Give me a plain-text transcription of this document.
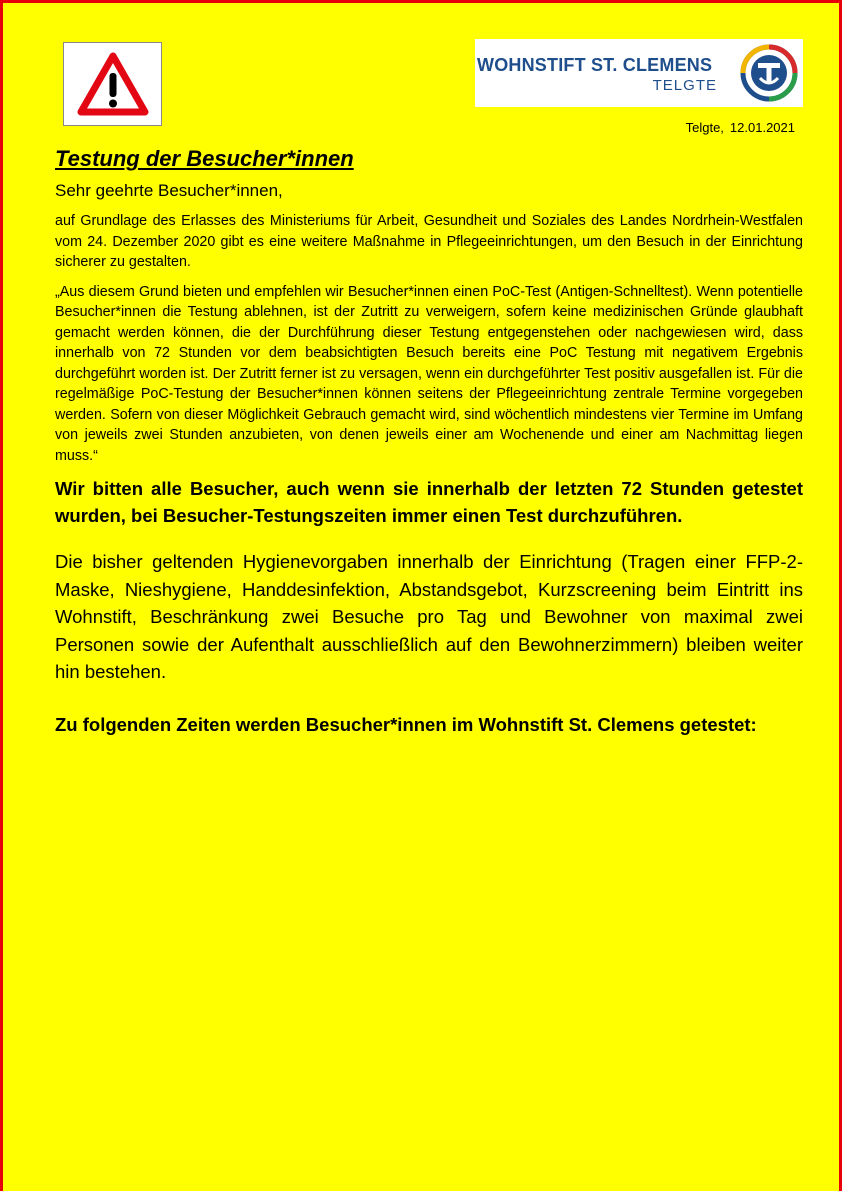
WOHNSTIFT ST. CLEMENS
TELGTE
Telgte, 12.01.2021
Testung der Besucher*innen

Sehr geehrte Besucher*innen,

auf Grundlage des Erlasses des Ministeriums für Arbeit, Gesundheit und Soziales des Landes Nordrhein-Westfalen vom 24. Dezember 2020 gibt es eine weitere Maßnahme in Pflegeeinrichtungen, um den Besuch in der Einrichtung sicherer zu gestalten.

„Aus diesem Grund bieten und empfehlen wir Besucher*innen einen PoC-Test (Antigen-Schnelltest). Wenn potentielle Besucher*innen die Testung ablehnen, ist der Zutritt zu verweigern, sofern keine medizinischen Gründe glaubhaft gemacht werden können, die der Durchführung dieser Testung entgegenstehen oder nachgewiesen wird, dass innerhalb von 72 Stunden vor dem beabsichtigten Besuch bereits eine PoC Testung mit negativem Ergebnis durchgeführt worden ist. Der Zutritt ferner ist zu versagen, wenn ein durchgeführter Test positiv ausgefallen ist. Für die regelmäßige PoC-Testung der Besucher*innen können seitens der Pflegeeinrichtung zentrale Termine vorgegeben werden. Sofern von dieser Möglichkeit Gebrauch gemacht wird, sind wöchentlich mindestens vier Termine im Umfang von jeweils zwei Stunden anzubieten, von denen jeweils einer am Wochenende und einer am Nachmittag liegen muss.“

Wir bitten alle Besucher, auch wenn sie innerhalb der letzten 72 Stunden getestet wurden, bei Besucher-Testungszeiten immer einen Test durchzuführen.

Die bisher geltenden Hygienevorgaben innerhalb der Einrichtung (Tragen einer FFP-2-Maske, Nieshygiene, Handdesinfektion, Abstandsgebot, Kurzscreening beim Eintritt ins Wohnstift, Beschränkung zwei Besuche pro Tag und Bewohner von maximal zwei Personen sowie der Aufenthalt ausschließlich auf den Bewohnerzimmern) bleiben weiter hin bestehen.

Zu folgenden Zeiten werden Besucher*innen im Wohnstift St. Clemens getestet:
